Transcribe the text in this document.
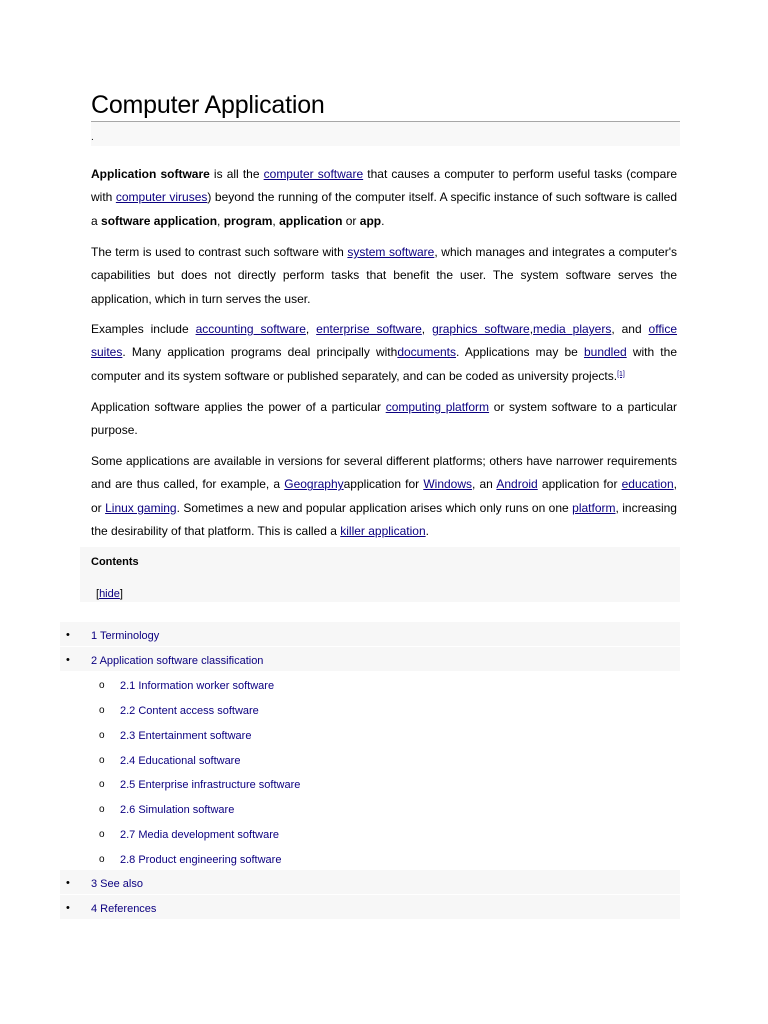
Computer Application
.

Application software is all the computer software that causes a computer to perform useful tasks (compare with computer viruses) beyond the running of the computer itself. A specific instance of such software is called a software application, program, application or app.

The term is used to contrast such software with system software, which manages and integrates a computer's capabilities but does not directly perform tasks that benefit the user. The system software serves the application, which in turn serves the user.

Examples include accounting software, enterprise software, graphics software,media players, and office suites. Many application programs deal principally withdocuments. Applications may be bundled with the computer and its system software or published separately, and can be coded as university projects.[1]

Application software applies the power of a particular computing platform or system software to a particular purpose.

Some applications are available in versions for several different platforms; others have narrower requirements and are thus called, for example, a Geographyapplication for Windows, an Android application for education, or Linux gaming. Sometimes a new and popular application arises which only runs on one platform, increasing the desirability of that platform. This is called a killer application.

Contents
[hide]
• 1 Terminology
• 2 Application software classification
o 2.1 Information worker software
o 2.2 Content access software
o 2.3 Entertainment software
o 2.4 Educational software
o 2.5 Enterprise infrastructure software
o 2.6 Simulation software
o 2.7 Media development software
o 2.8 Product engineering software
• 3 See also
• 4 References
